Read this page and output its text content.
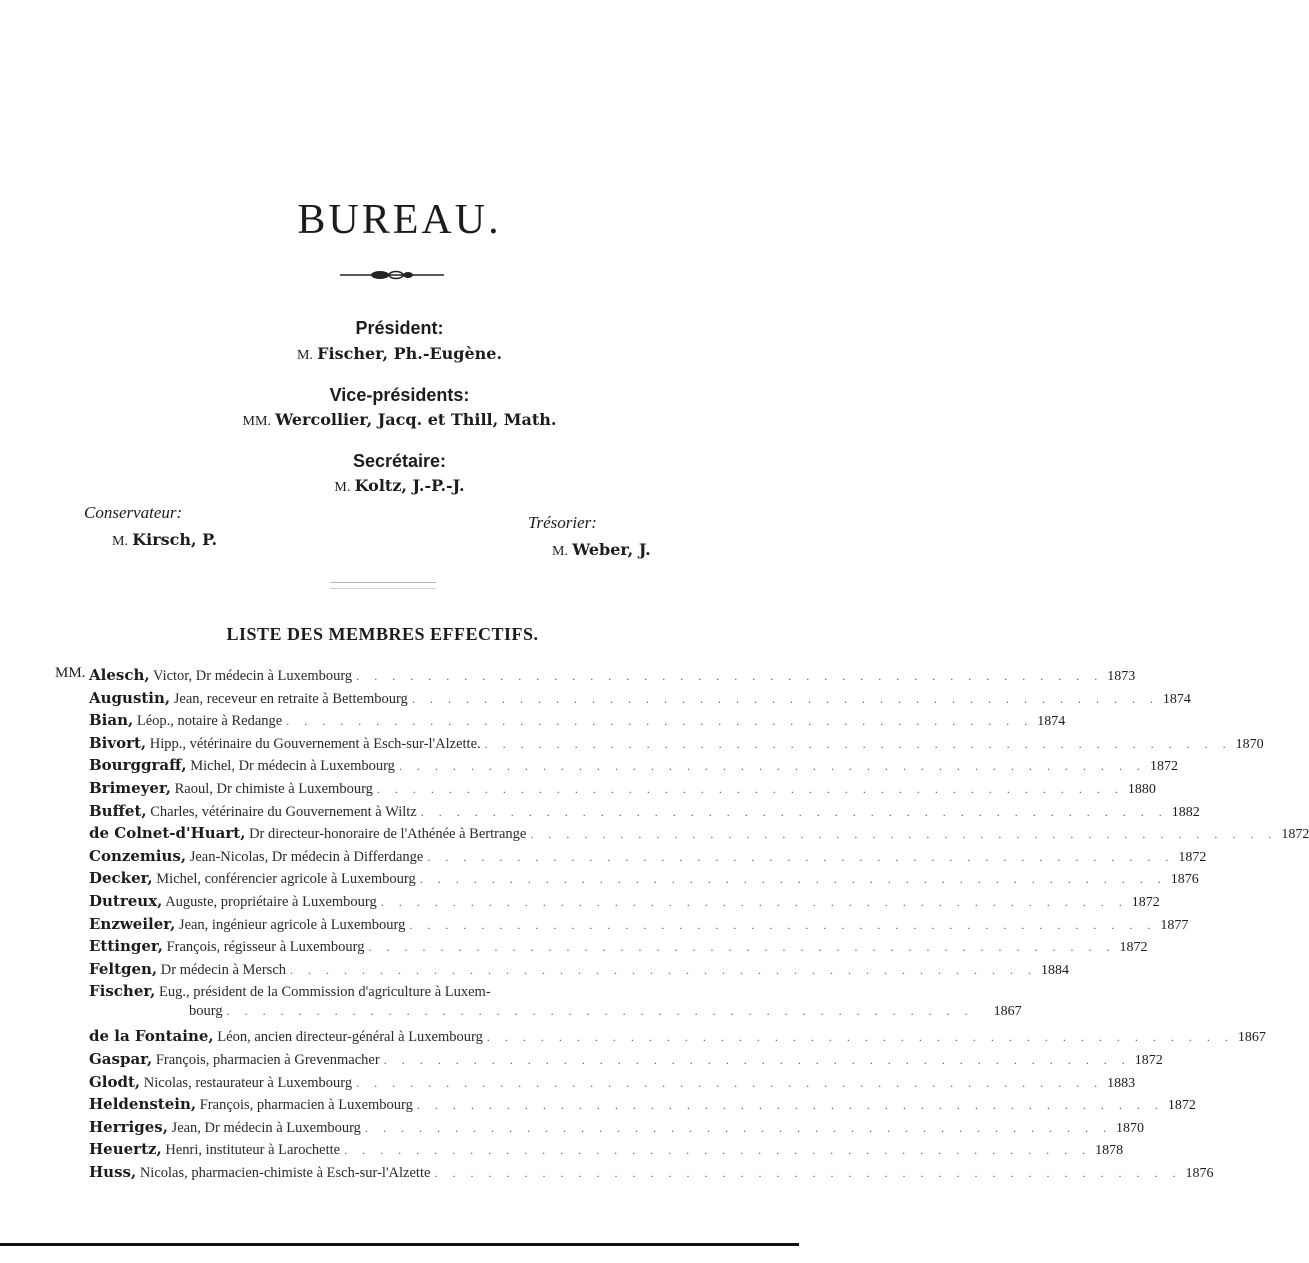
BUREAU.
Président:
M. Fischer, Ph.-Eugène.
Vice-présidents:
MM. Wercollier, Jacq. et Thill, Math.
Secrétaire:
M. Koltz, J.-P.-J.
Conservateur:
M. Kirsch, P.
Trésorier:
M. Weber, J.
LISTE DES MEMBRES EFFECTIFS.
MM. Alesch, Victor, Dr médecin à Luxembourg . . . . . . . . . . . . . . . . . . . . . . . . . . . . . . . . . . . . . . . . . . 1873
Augustin, Jean, receveur en retraite à Bettembourg . . . . . . . . . . . . . . . . . . . . . . . . . . . . . . . . . . . . . . . . . . 1874
Bian, Léop., notaire à Redange . . . . . . . . . . . . . . . . . . . . . . . . . . . . . . . . . . . . . . . . . . 1874
Bivort, Hipp., vétérinaire du Gouvernement à Esch-sur-l'Alzette. . . . . . . . . . . . . . . . . . . . . . . . . . . . . . . . . . . . . . . . . . . 1870
Bourggraff, Michel, Dr médecin à Luxembourg . . . . . . . . . . . . . . . . . . . . . . . . . . . . . . . . . . . . . . . . . . 1872
Brimeyer, Raoul, Dr chimiste à Luxembourg . . . . . . . . . . . . . . . . . . . . . . . . . . . . . . . . . . . . . . . . . . 1880
Buffet, Charles, vétérinaire du Gouvernement à Wiltz . . . . . . . . . . . . . . . . . . . . . . . . . . . . . . . . . . . . . . . . . . 1882
de Colnet-d'Huart, Dr directeur-honoraire de l'Athénée à Bertrange . . . . . . . . . . . . . . . . . . . . . . . . . . . . . . . . . . . . . . . . . . 1872
Conzemius, Jean-Nicolas, Dr médecin à Differdange . . . . . . . . . . . . . . . . . . . . . . . . . . . . . . . . . . . . . . . . . . 1872
Decker, Michel, conférencier agricole à Luxembourg . . . . . . . . . . . . . . . . . . . . . . . . . . . . . . . . . . . . . . . . . . 1876
Dutreux, Auguste, propriétaire à Luxembourg . . . . . . . . . . . . . . . . . . . . . . . . . . . . . . . . . . . . . . . . . . 1872
Enzweiler, Jean, ingénieur agricole à Luxembourg . . . . . . . . . . . . . . . . . . . . . . . . . . . . . . . . . . . . . . . . . . 1877
Ettinger, François, régisseur à Luxembourg . . . . . . . . . . . . . . . . . . . . . . . . . . . . . . . . . . . . . . . . . . 1872
Feltgen, Dr médecin à Mersch . . . . . . . . . . . . . . . . . . . . . . . . . . . . . . . . . . . . . . . . . . 1884
Fischer, Eug., président de la Commission d'agriculture à Luxem-
bourg . . . . . . . . . . . . . . . . . . . . . . . . . . . . . . . . . . . . . . . . . .	1867
de la Fontaine, Léon, ancien directeur-général à Luxembourg . . . . . . . . . . . . . . . . . . . . . . . . . . . . . . . . . . . . . . . . . . 1867
Gaspar, François, pharmacien à Grevenmacher . . . . . . . . . . . . . . . . . . . . . . . . . . . . . . . . . . . . . . . . . . 1872
Glodt, Nicolas, restaurateur à Luxembourg . . . . . . . . . . . . . . . . . . . . . . . . . . . . . . . . . . . . . . . . . . 1883
Heldenstein, François, pharmacien à Luxembourg . . . . . . . . . . . . . . . . . . . . . . . . . . . . . . . . . . . . . . . . . . 1872
Herriges, Jean, Dr médecin à Luxembourg . . . . . . . . . . . . . . . . . . . . . . . . . . . . . . . . . . . . . . . . . . 1870
Heuertz, Henri, instituteur à Larochette . . . . . . . . . . . . . . . . . . . . . . . . . . . . . . . . . . . . . . . . . . 1878
Huss, Nicolas, pharmacien-chimiste à Esch-sur-l'Alzette . . . . . . . . . . . . . . . . . . . . . . . . . . . . . . . . . . . . . . . . . . 1876
